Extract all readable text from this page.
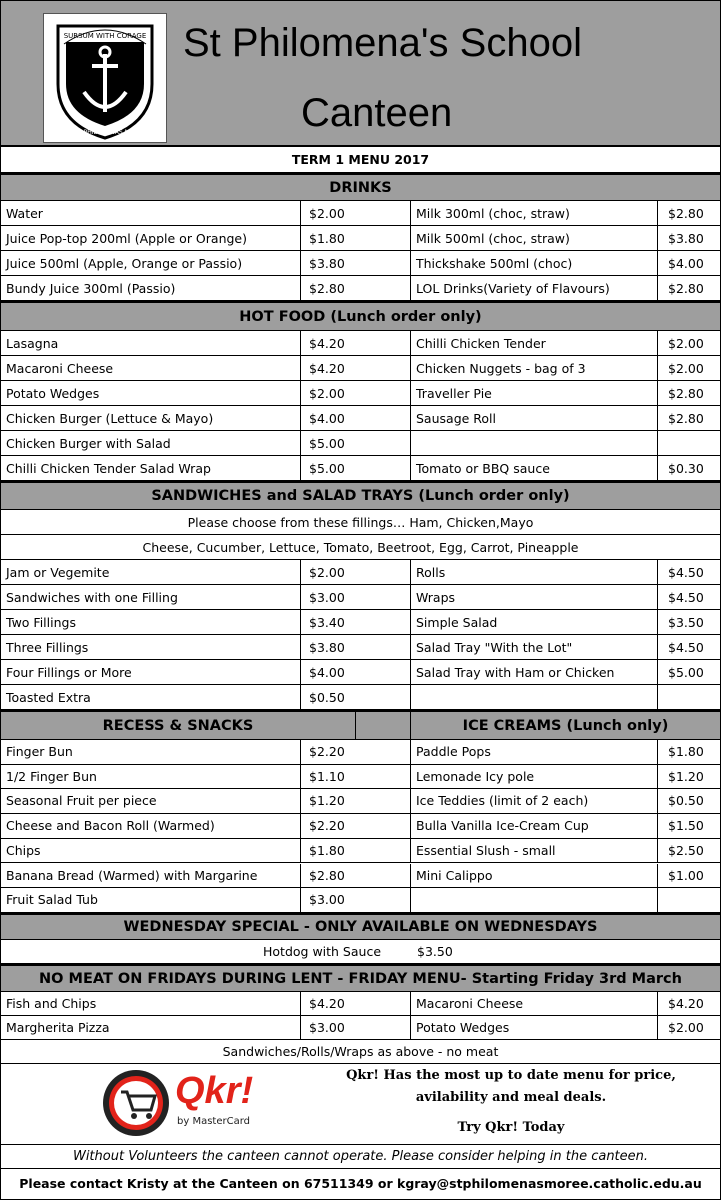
SURSUM WITH CORAGE
SAINT PHILOMENAS MOREE
St Philomena's School
Canteen
TERM 1 MENU 2017
DRINKS
Water	$2.00	Milk 300ml (choc, straw)	$2.80
Juice Pop-top 200ml (Apple or Orange)	$1.80	Milk 500ml (choc, straw)	$3.80
Juice 500ml (Apple, Orange or Passio)	$3.80	Thickshake 500ml (choc)	$4.00
Bundy Juice 300ml (Passio)	$2.80	LOL Drinks(Variety of Flavours)	$2.80
HOT FOOD (Lunch order only)
Lasagna	$4.20	Chilli Chicken Tender	$2.00
Macaroni Cheese	$4.20	Chicken Nuggets - bag of 3	$2.00
Potato Wedges	$2.00	Traveller Pie	$2.80
Chicken Burger (Lettuce & Mayo)	$4.00	Sausage Roll	$2.80
Chicken Burger with Salad	$5.00
Chilli Chicken Tender Salad Wrap	$5.00	Tomato or BBQ sauce	$0.30
SANDWICHES and SALAD TRAYS (Lunch order only)
Please choose from these fillings… Ham, Chicken,Mayo
Cheese, Cucumber, Lettuce, Tomato, Beetroot, Egg, Carrot, Pineapple
Jam or Vegemite	$2.00	Rolls	$4.50
Sandwiches with one Filling	$3.00	Wraps	$4.50
Two Fillings	$3.40	Simple Salad	$3.50
Three Fillings	$3.80	Salad Tray "With the Lot"	$4.50
Four Fillings or More	$4.00	Salad Tray with Ham or Chicken	$5.00
Toasted Extra	$0.50
RECESS & SNACKS	ICE CREAMS (Lunch only)
Finger Bun	$2.20	Paddle Pops	$1.80
1/2 Finger Bun	$1.10	Lemonade Icy pole	$1.20
Seasonal Fruit per piece	$1.20	Ice Teddies (limit of 2 each)	$0.50
Cheese and Bacon Roll (Warmed)	$2.20	Bulla Vanilla Ice-Cream Cup	$1.50
Chips	$1.80	Essential Slush - small	$2.50
Banana Bread (Warmed) with Margarine	$2.80	Mini Calippo	$1.00
Fruit Salad Tub	$3.00
WEDNESDAY SPECIAL - ONLY AVAILABLE ON WEDNESDAYS
Hotdog with Sauce	$3.50
NO MEAT ON FRIDAYS DURING LENT - FRIDAY MENU- Starting Friday 3rd March
Fish and Chips	$4.20	Macaroni Cheese	$4.20
Margherita Pizza	$3.00	Potato Wedges	$2.00
Sandwiches/Rolls/Wraps as above - no meat
Qkr!
by MasterCard
Qkr! Has the most up to date menu for price,
avilability and meal deals.
Try Qkr! Today
Without Volunteers the canteen cannot operate. Please consider helping in the canteen.
Please contact Kristy at the Canteen on 67511349 or kgray@stphilomenasmoree.catholic.edu.au
